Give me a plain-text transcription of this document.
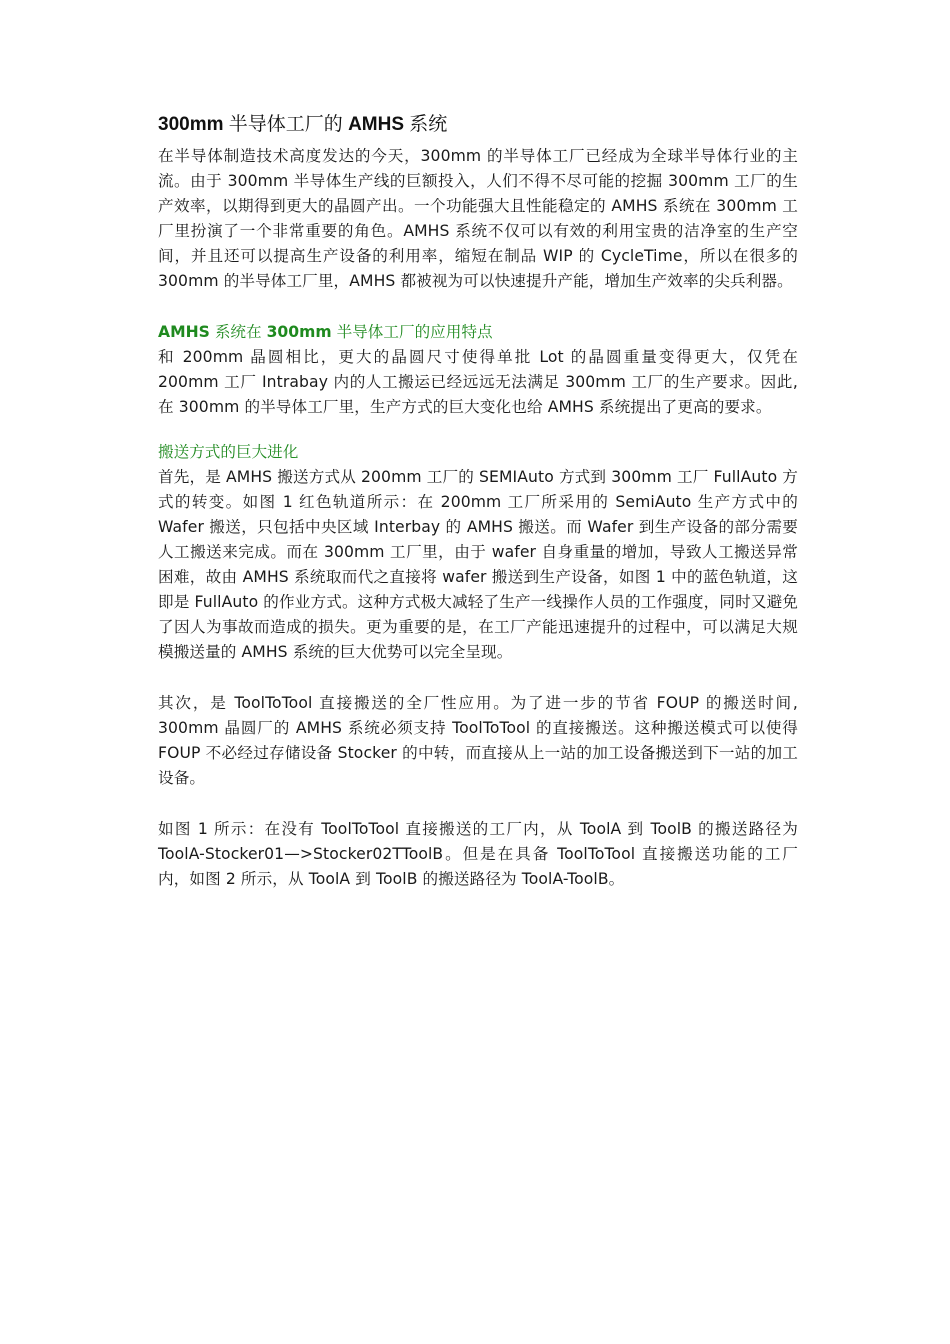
300mm 半导体工厂的 AMHS 系统

在半导体制造技术高度发达的今天，300mm 的半导体工厂已经成为全球半导体行业的主流。由于 300mm 半导体生产线的巨额投入，人们不得不尽可能的挖掘 300mm 工厂的生产效率，以期得到更大的晶圆产出。一个功能强大且性能稳定的 AMHS 系统在 300mm 工厂里扮演了一个非常重要的角色。AMHS 系统不仅可以有效的利用宝贵的洁净室的生产空间，并且还可以提高生产设备的利用率，缩短在制品 WIP 的 CycleTime，所以在很多的 300mm 的半导体工厂里，AMHS 都被视为可以快速提升产能，增加生产效率的尖兵利器。

AMHS 系统在 300mm 半导体工厂的应用特点

和 200mm 晶圆相比，更大的晶圆尺寸使得单批 Lot 的晶圆重量变得更大，仅凭在 200mm 工厂 Intrabay 内的人工搬运已经远远无法满足 300mm 工厂的生产要求。因此, 在 300mm 的半导体工厂里，生产方式的巨大变化也给 AMHS 系统提出了更高的要求。

搬送方式的巨大进化

首先，是 AMHS 搬送方式从 200mm 工厂的 SEMIAuto 方式到 300mm 工厂 FullAuto 方式的转变。如图 1 红色轨道所示：在 200mm 工厂所采用的 SemiAuto 生产方式中的 Wafer 搬送，只包括中央区域 Interbay 的 AMHS 搬送。而 Wafer 到生产设备的部分需要人工搬送来完成。而在 300mm 工厂里，由于 wafer 自身重量的增加，导致人工搬送异常困难，故由 AMHS 系统取而代之直接将 wafer 搬送到生产设备，如图 1 中的蓝色轨道，这即是 FullAuto 的作业方式。这种方式极大减轻了生产一线操作人员的工作强度，同时又避免了因人为事故而造成的损失。更为重要的是，在工厂产能迅速提升的过程中，可以满足大规模搬送量的 AMHS 系统的巨大优势可以完全呈现。

其次，是 ToolToTool 直接搬送的全厂性应用。为了进一步的节省 FOUP 的搬送时间, 300mm 晶圆厂的 AMHS 系统必须支持 ToolToTool 的直接搬送。这种搬送模式可以使得 FOUP 不必经过存储设备 Stocker 的中转，而直接从上一站的加工设备搬送到下一站的加工设备。

如图 1 所示：在没有 ToolToTool 直接搬送的工厂内，从 ToolA 到 ToolB 的搬送路径为 ToolA-Stocker01—>Stocker02TToolB。但是在具备 ToolToTool 直接搬送功能的工厂内，如图 2 所示，从 ToolA 到 ToolB 的搬送路径为 ToolA-ToolB。
